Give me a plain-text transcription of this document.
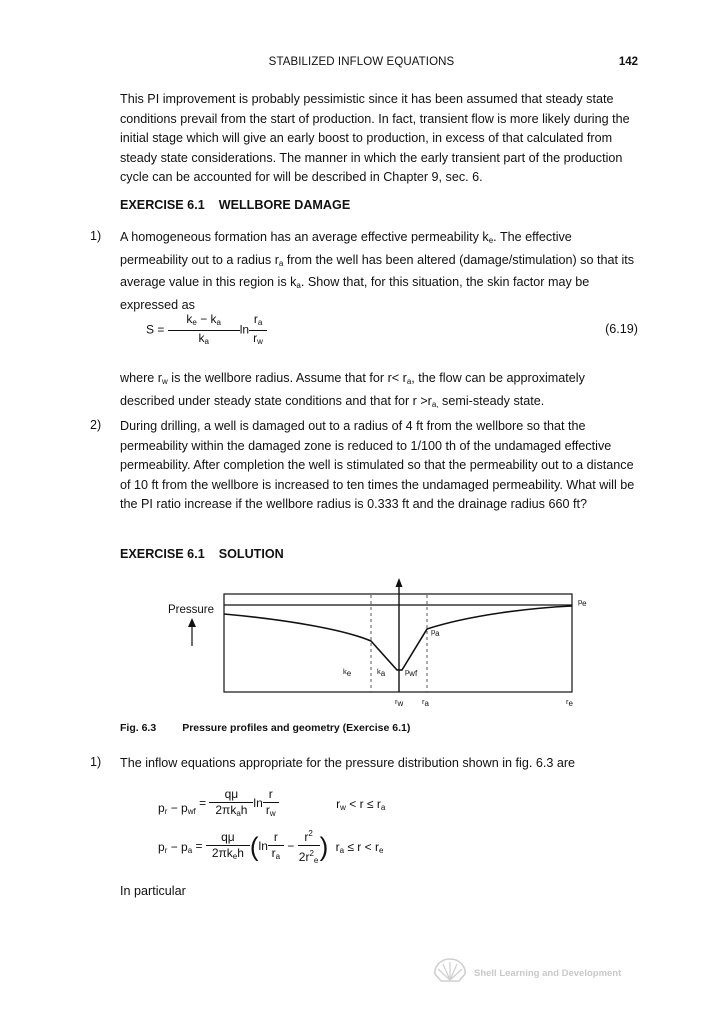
STABILIZED INFLOW EQUATIONS	142
This PI improvement is probably pessimistic since it has been assumed that steady state conditions prevail from the start of production. In fact, transient flow is more likely during the initial stage which will give an early boost to production, in excess of that calculated from steady state considerations. The manner in which the early transient part of the production cycle can be accounted for will be described in Chapter 9, sec. 6.
EXERCISE 6.1    WELLBORE DAMAGE
1) A homogeneous formation has an average effective permeability $k_e$. The effective permeability out to a radius $r_a$ from the well has been altered (damage/stimulation) so that its average value in this region is $k_a$. Show that, for this situation, the skin factor may be expressed as
$S = \frac{k_e - k_a}{k_a}$ $\ln \frac{r_a}{r_w}$	(6.19)
where $r_w$ is the wellbore radius. Assume that for $r< r_a$, the flow can be approximately described under steady state conditions and that for $r >r_{a,}$ semi-steady state.
2) During drilling, a well is damaged out to a radius of 4 ft from the wellbore so that the permeability within the damaged zone is reduced to 1/100 th of the undamaged effective permeability. After completion the well is stimulated so that the permeability out to a distance of 10 ft from the wellbore is increased to ten times the undamaged permeability. What will be the PI ratio increase if the wellbore radius is 0.333 ft and the drainage radius 660 ft?
EXERCISE 6.1    SOLUTION
Pressure
$p_e$
$p_a$
$k_e$	$k_a$	$p_{wf}$
$r_w$ $r_a$	$r_e$
Fig. 6.3 Pressure profiles and geometry (Exercise 6.1)
1) The inflow equations appropriate for the pressure distribution shown in fig. 6.3 are
$p_r - p_{wf} = \frac{q\mu}{2\pi k_ah}$ $\ln \frac{r}{r_w}$	$r_w < r \le r_a$
$p_r - p_a = \frac{q\mu}{2\pi k_eh} (\ln \frac{r}{r_a} - \frac{r^2}{2r^2_e}$ ) $r_a \le r < r_e$
In particular
Shell Learning and Development
